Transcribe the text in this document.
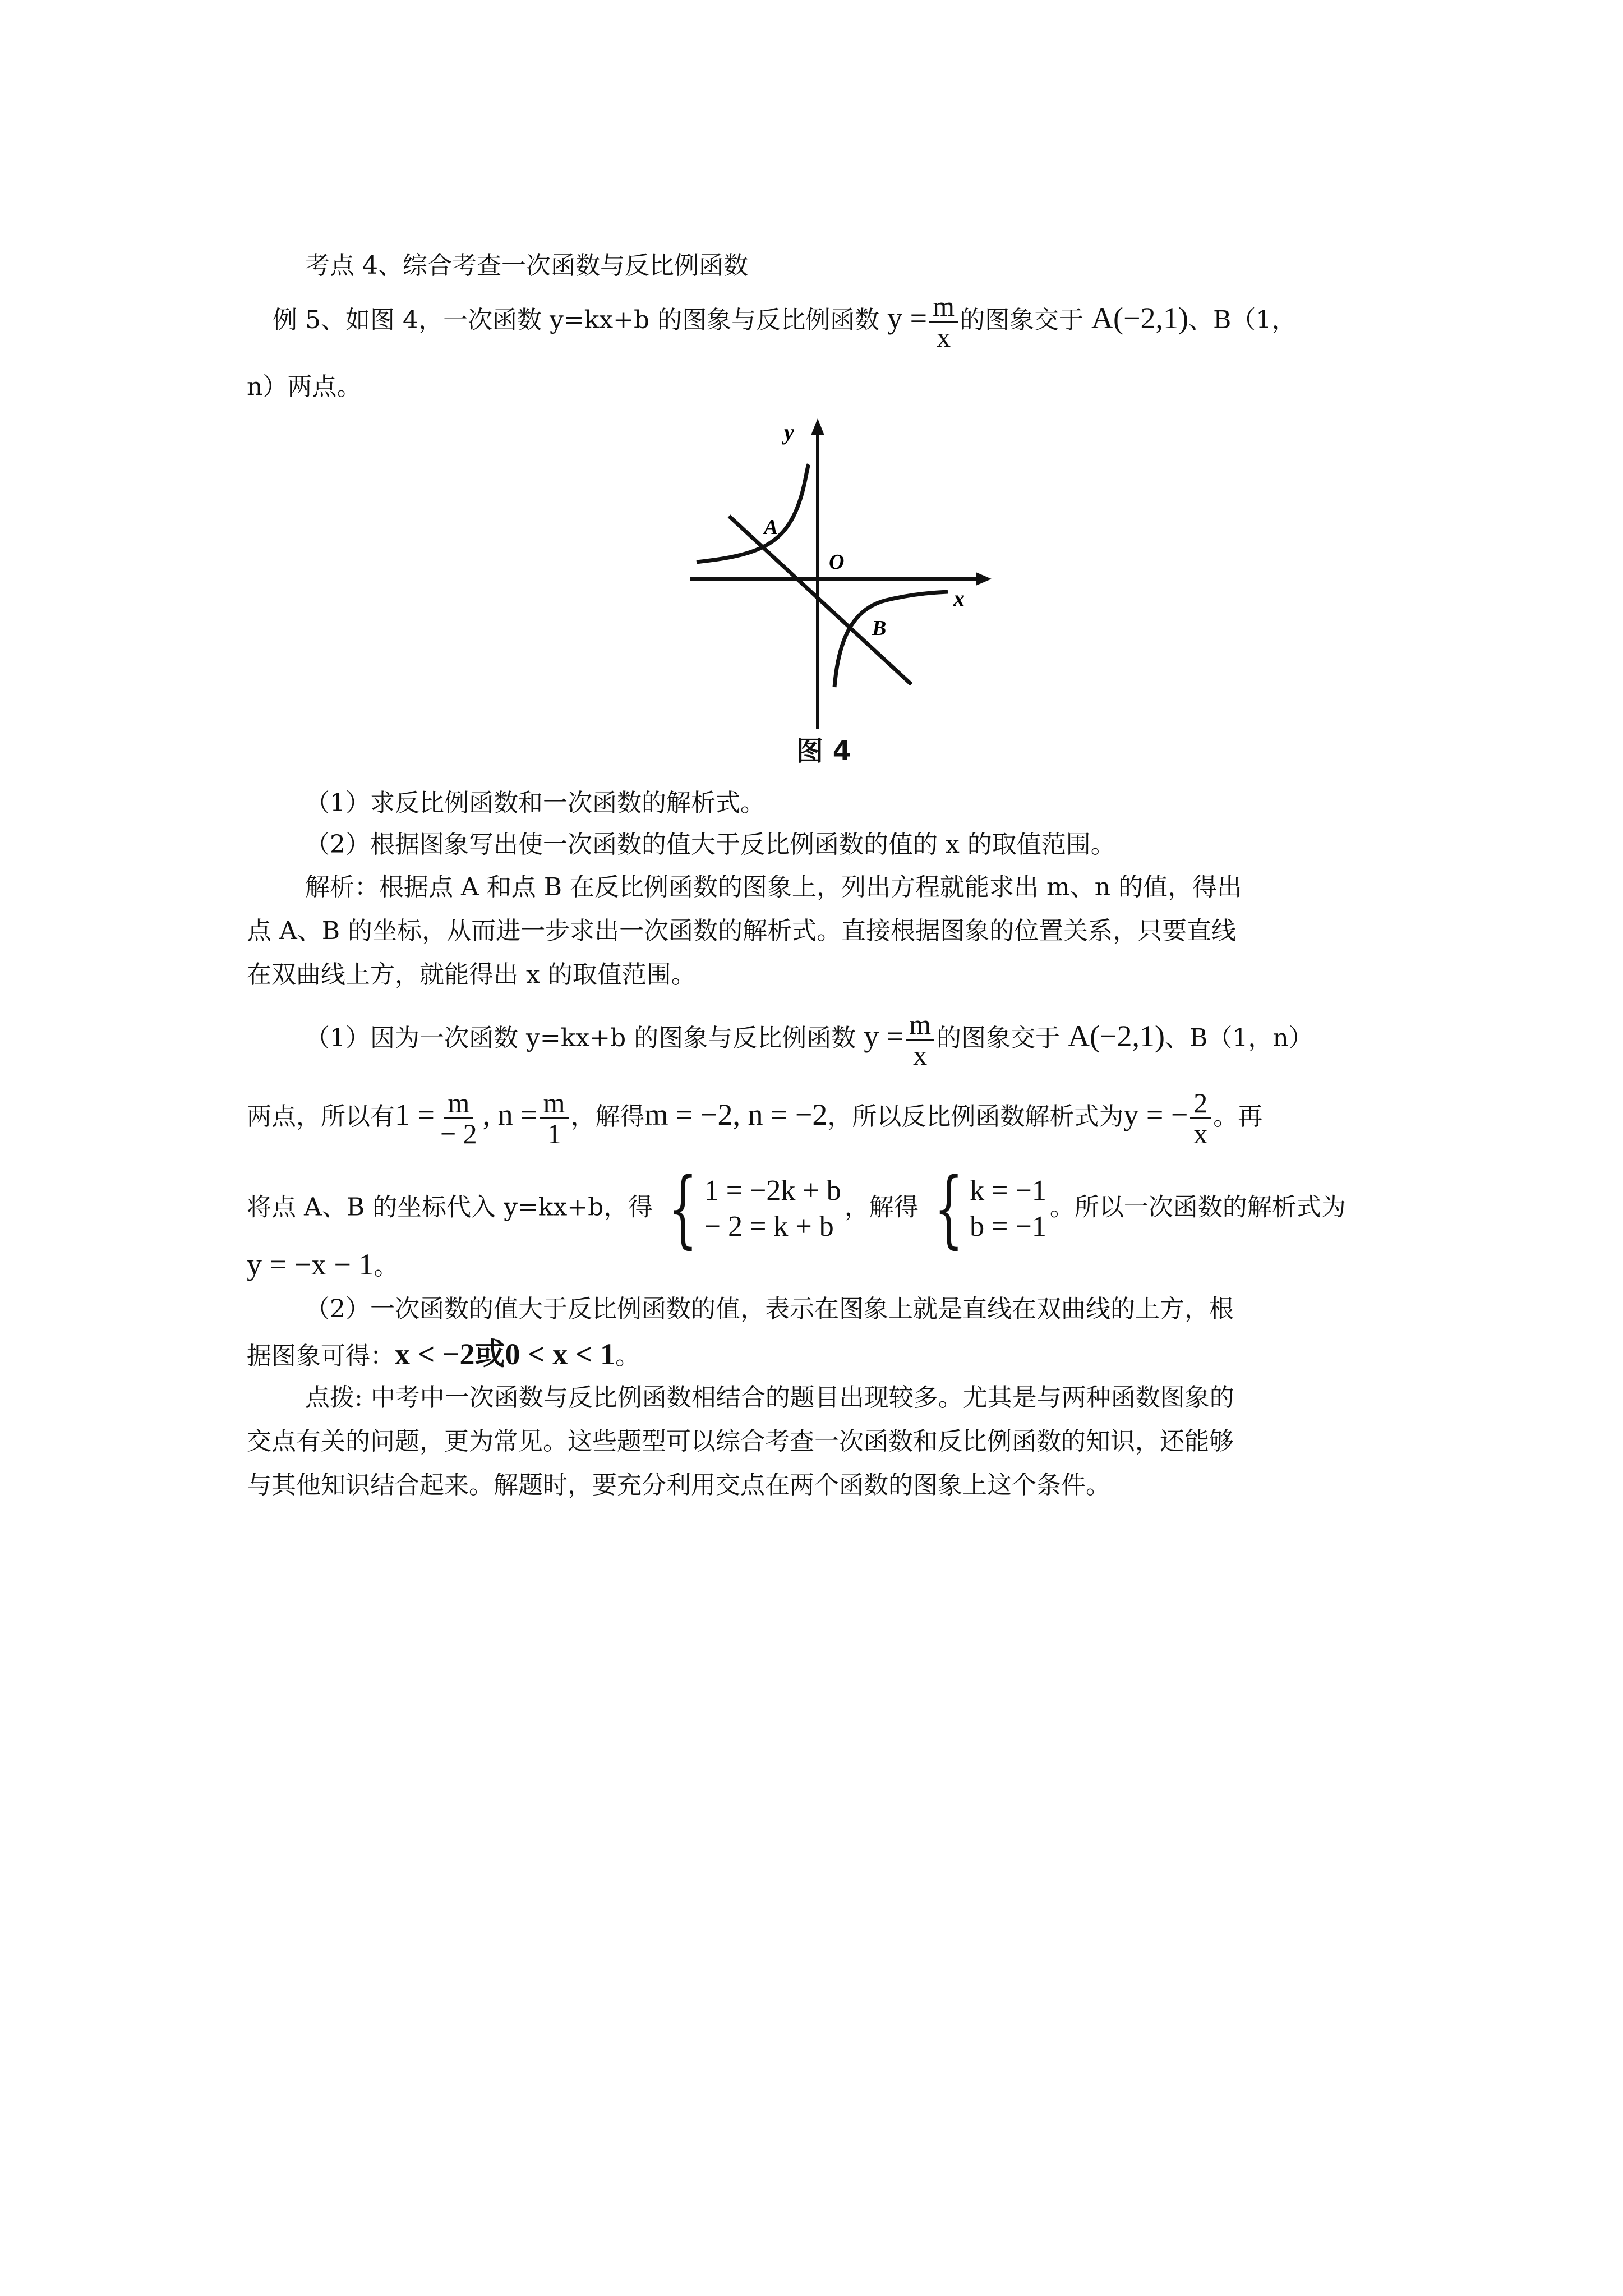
考点 4、综合考查一次函数与反比例函数
例 5、如图 4，一次函数 y=kx+b 的图象与反比例函数 $y = \frac{m}{x}$ 的图象交于 A(−2,1)、B（1，
n）两点。
y
x
O
A
B
图 4
（1）求反比例函数和一次函数的解析式。
（2）根据图象写出使一次函数的值大于反比例函数的值的 x 的取值范围。
解析：根据点 A 和点 B 在反比例函数的图象上，列出方程就能求出 m、n 的值，得出
点 A、B 的坐标，从而进一步求出一次函数的解析式。直接根据图象的位置关系，只要直线
在双曲线上方，就能得出 x 的取值范围。
（1）因为一次函数 y=kx+b 的图象与反比例函数 $y = \frac{m}{x}$ 的图象交于 A(−2,1)、B（1，n）
两点，所以有$1 = \frac{m}{- 2}$ , $n = \frac{m}{1}$ ，解得m = −2, n = −2，所以反比例函数解析式为y = − $\frac{2}{x}$ 。再
将点 A、B 的坐标代入 y=kx+b，得 { 1 = −2k + b
− 2 = k + b
，解得 { k = −1
b = −1
。所以一次函数的解析式为
y = −x − 1。
（2）一次函数的值大于反比例函数的值，表示在图象上就是直线在双曲线的上方，根
据图象可得：x < −2或0 < x < 1。
点拨: 中考中一次函数与反比例函数相结合的题目出现较多。尤其是与两种函数图象的
交点有关的问题，更为常见。这些题型可以综合考查一次函数和反比例函数的知识，还能够
与其他知识结合起来。解题时，要充分利用交点在两个函数的图象上这个条件。
